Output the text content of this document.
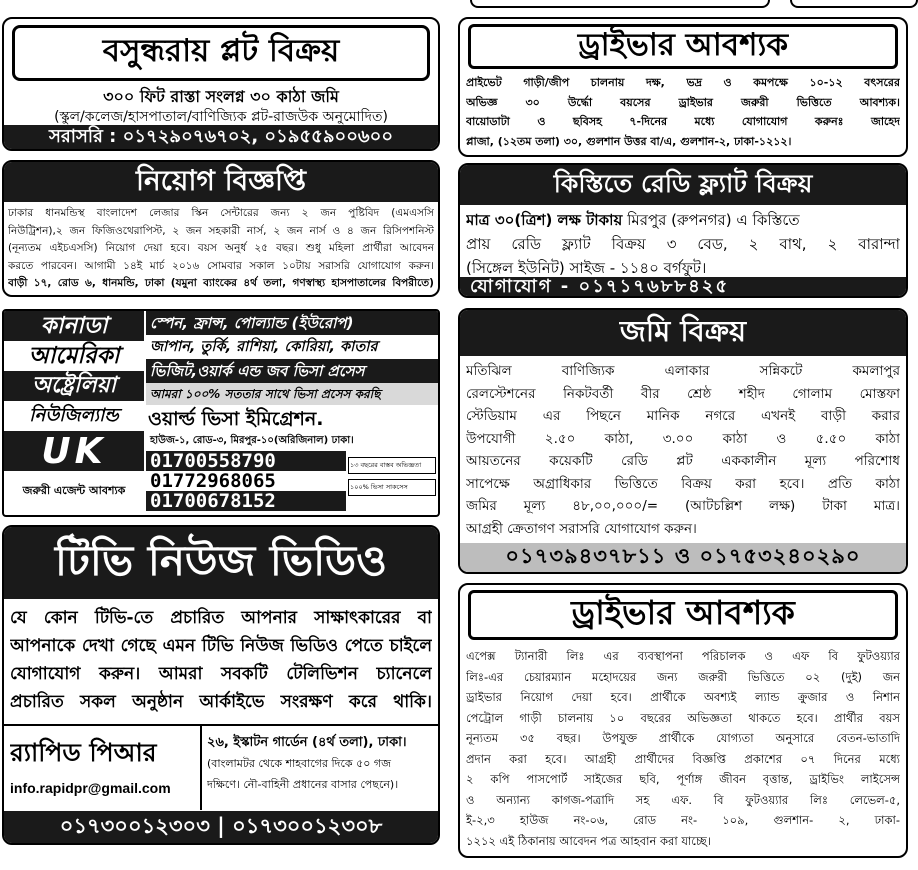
বসুন্ধরায় প্লট বিক্রয়
৩০০ ফিট রাস্তা সংলগ্ন ৩০ কাঠা জমি
(স্কুল/কলেজ/হাসপাতাল/বাণিজ্যিক প্লট-রাজউক অনুমোদিত)
সরাসরি : ০১৭২৯০৭৬৭০২, ০১৯৫৫৯০০৬০০
নিয়োগ বিজ্ঞপ্তি
ঢাকার ধানমন্ডিস্থ বাংলাদেশ লেজার স্কিন সেন্টারের জন্য ২ জন পুষ্টিবিদ (এমএসসি
নিউট্রিশন),২ জন ফিজিওথেরাপিস্ট, ২ জন সহকারী নার্স, ২ জন নার্স ও ৪ জন রিসিপশনিস্ট
(নূন্যতম এইচএসসি) নিয়োগ দেয়া হবে। বয়স অনুর্ধ ২৫ বছর। শুধু মহিলা প্রার্থীরা আবেদন
করতে পারবেন। আগামী ১৪ই মার্চ ২০১৬ সোমবার সকাল ১০টায় সরাসরি যোগাযোগ করুন।
বাড়ী ১৭, রোড ৬, ধানমন্ডি, ঢাকা (যমুনা ব্যাংকের ৪র্থ তলা, গণস্বাস্থ্য হাসপাতালের বিপরীতে)
কানাডা
আমেরিকা
অষ্ট্রেলিয়া
নিউজিল্যান্ড
UK
জরুরী এজেন্ট আবশ্যক
স্পেন, ফ্রান্স, পোল্যান্ড (ইউরোপ)
জাপান, তুর্কি, রাশিয়া, কোরিয়া, কাতার
ভিজিট,ওয়ার্ক এন্ড জব ভিসা প্রসেস
আমরা ১০০% সততার সাথে ভিসা প্রসেস করছি
ওয়ার্ল্ড ভিসা ইমিগ্রেশন.
হাউজ-১, রোড-৩, মিরপুর-১০(অরিজিনাল) ঢাকা।
01700558790
01772968065
01700678152
১৩ বছরের বাস্তব অভিজ্ঞতা
১০০% ভিসা সাকসেস
টিভি নিউজ ভিডিও
যে কোন টিভি-তে প্রচারিত আপনার সাক্ষাৎকারের বা
আপনাকে দেখা গেছে এমন টিভি নিউজ ভিডিও পেতে চাইলে
যোগাযোগ করুন। আমরা সবকটি টেলিভিশন চ্যানেলে
প্রচারিত সকল অনুষ্ঠান আর্কাইভে সংরক্ষণ করে থাকি।
র‌্যাপিড পিআর
info.rapidpr@gmail.com
২৬, ইস্কাটন গার্ডেন (৪র্থ তলা), ঢাকা।
(বাংলামটর থেকে শাহবাগের দিকে ৫০ গজ
দক্ষিণে। নৌ-বাহিনী প্রধানের বাসার পেছনে)।
০১৭৩০০১২৩০৩ | ০১৭৩০০১২৩০৮
ড্রাইভার আবশ্যক
প্রাইভেট গাড়ী/জীপ চালনায় দক্ষ, ভদ্র ও কমপক্ষে ১০-১২ বৎসরের
অভিজ্ঞ ৩০ উর্দ্ধো বয়সের ড্রাইভার জরুরী ভিত্তিতে আবশ্যক।
বায়োডাটা ও ছবিসহ ৭-দিনের মধ্যে যোগাযোগ করুনঃ জাহেদ
প্লাজা, (১২তম তলা) ৩০, গুলশান উত্তর বা/এ, গুলশান-২, ঢাকা-১২১২।
কিস্তিতে রেডি ফ্ল্যাট বিক্রয়
মাত্র ৩০(ত্রিশ) লক্ষ টাকায় মিরপুর (রুপনগর) এ কিস্তিতে
প্রায় রেডি ফ্ল্যাট বিক্রয় ৩ বেড, ২ বাথ, ২ বারান্দা
(সিঙ্গেল ইউনিট) সাইজ - ১১৪০ বর্গফুট।
যোগাযোগ - ০১৭১৭৬৮৮৪২৫
জমি বিক্রয়
মতিঝিল বাণিজ্যিক এলাকার সন্নিকটে কমলাপুর
রেলস্টেশনের নিকটবর্তী বীর শ্রেষ্ঠ শহীদ গোলাম মোস্তফা
স্টেডিয়াম এর পিছনে মানিক নগরে এখনই বাড়ী করার
উপযোগী ২.৫০ কাঠা, ৩.০০ কাঠা ও ৫.৫০ কাঠা
আয়তনের কয়েকটি রেডি প্লট এককালীন মূল্য পরিশোধ
সাপেক্ষে অগ্রাধিকার ভিত্তিতে বিক্রয় করা হবে। প্রতি কাঠা
জমির মূল্য ৪৮,০০,০০০/= (আটচল্লিশ লক্ষ) টাকা মাত্র।
আগ্রহী ক্রেতাগণ সরাসরি যোগাযোগ করুন।
০১৭৩৯৪৩৭৮১১ ও ০১৭৫৩২৪০২৯০
ড্রাইভার আবশ্যক
এপেক্স ট্যানারী লিঃ এর ব্যবস্থাপনা পরিচালক ও এফ বি ফুটওয়্যার
লিঃ-এর চেয়ারম্যান মহোদয়ের জন্য জরুরী ভিত্তিতে ০২ (দুই) জন
ড্রাইভার নিয়োগ দেয়া হবে। প্রার্থীকে অবশ্যই ল্যান্ড ক্রুজার ও নিশান
পেট্রোল গাড়ী চালনায় ১০ বছরের অভিজ্ঞতা থাকতে হবে। প্রার্থীর বয়স
নূন্যতম ৩৫ বছর। উপযুক্ত প্রার্থীকে যোগ্যতা অনুসারে বেতন-ভাতাদি
প্রদান করা হবে। আগ্রহী প্রার্থীদের বিজ্ঞপ্তি প্রকাশের ০৭ দিনের মধ্যে
২ কপি পাসপোর্ট সাইজের ছবি, পূর্ণাঙ্গ জীবন বৃত্তান্ত, ড্রাইভিং লাইসেন্স
ও অন্যান্য কাগজ-পত্রাদি সহ এফ. বি ফুটওয়্যার লিঃ লেভেল-৫,
ই-২,৩ হাউজ নং-০৬, রোড নং- ১০৯, গুলশান- ২, ঢাকা-
১২১২ এই ঠিকানায় আবেদন পত্র আহবান করা যাচ্ছে।
